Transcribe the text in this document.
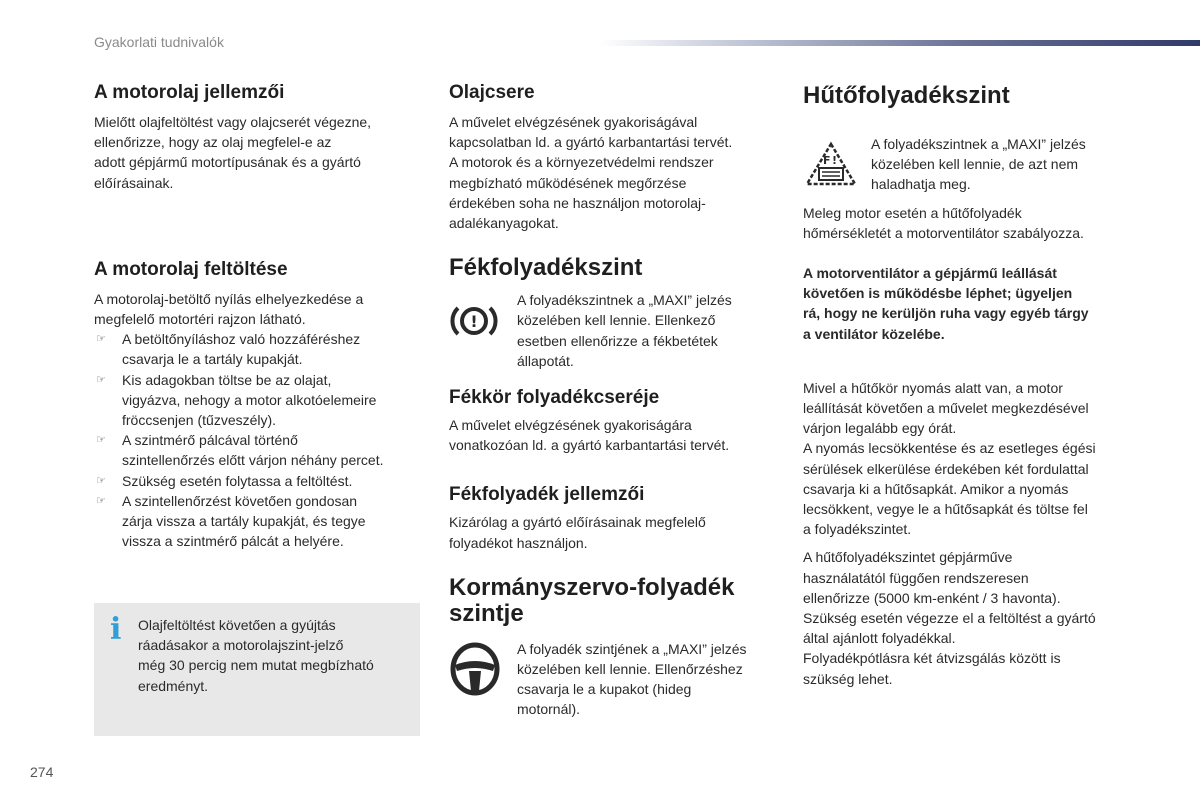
Gyakorlati tudnivalók
A motorolaj jellemzői

Mielőtt olajfeltöltést vagy olajcserét végezne,

ellenőrizze, hogy az olaj megfelel-e az

adott gépjármű motortípusának és a gyártó

előírásainak.

A motorolaj feltöltése

A motorolaj-betöltő nyílás elhelyezkedése a

megfelelő motortéri rajzon látható.

☞ A betöltőnyíláshoz való hozzáféréshez
csavarja le a tartály kupakját.
☞ Kis adagokban töltse be az olajat,
vigyázva, nehogy a motor alkotóelemeire
fröccsenjen (tűzveszély).
☞ A szintmérő pálcával történő
szintellenőrzés előtt várjon néhány percet.
☞ Szükség esetén folytassa a feltöltést.
☞ A szintellenőrzést követően gondosan
zárja vissza a tartály kupakját, és tegye
vissza a szintmérő pálcát a helyére.
i Olajfeltöltést követően a gyújtás

ráadásakor a motorolajszint-jelző

még 30 percig nem mutat megbízható

eredményt.

Olajcsere

A művelet elvégzésének gyakoriságával

kapcsolatban ld. a gyártó karbantartási tervét.

A motorok és a környezetvédelmi rendszer

megbízható működésének megőrzése

érdekében soha ne használjon motorolaj-

adalékanyagokat.

Fékfolyadékszint
!

A folyadékszintnek a „MAXI” jelzés

közelében kell lennie. Ellenkező

esetben ellenőrizze a fékbetétek

állapotát.

Fékkör folyadékcseréje

A művelet elvégzésének gyakoriságára

vonatkozóan ld. a gyártó karbantartási tervét.

Fékfolyadék jellemzői

Kizárólag a gyártó előírásainak megfelelő

folyadékot használjon.

Kormányszervo-folyadék
szintje

A folyadék szintjének a „MAXI” jelzés

közelében kell lennie. Ellenőrzéshez

csavarja le a kupakot (hideg

motornál).

Hűtőfolyadékszint
F !

A folyadékszintnek a „MAXI” jelzés

közelében kell lennie, de azt nem

haladhatja meg.

Meleg motor esetén a hűtőfolyadék

hőmérsékletét a motorventilátor szabályozza.

A motorventilátor a gépjármű leállását

követően is működésbe léphet; ügyeljen

rá, hogy ne kerüljön ruha vagy egyéb tárgy

a ventilátor közelébe.

Mivel a hűtőkör nyomás alatt van, a motor

leállítását követően a művelet megkezdésével

várjon legalább egy órát.

A nyomás lecsökkentése és az esetleges égési

sérülések elkerülése érdekében két fordulattal

csavarja ki a hűtősapkát. Amikor a nyomás

lecsökkent, vegye le a hűtősapkát és töltse fel

a folyadékszintet.

A hűtőfolyadékszintet gépjárműve

használatától függően rendszeresen

ellenőrizze (5000 km-enként / 3 havonta).

Szükség esetén végezze el a feltöltést a gyártó

által ajánlott folyadékkal.

Folyadékpótlásra két átvizsgálás között is

szükség lehet.

274
